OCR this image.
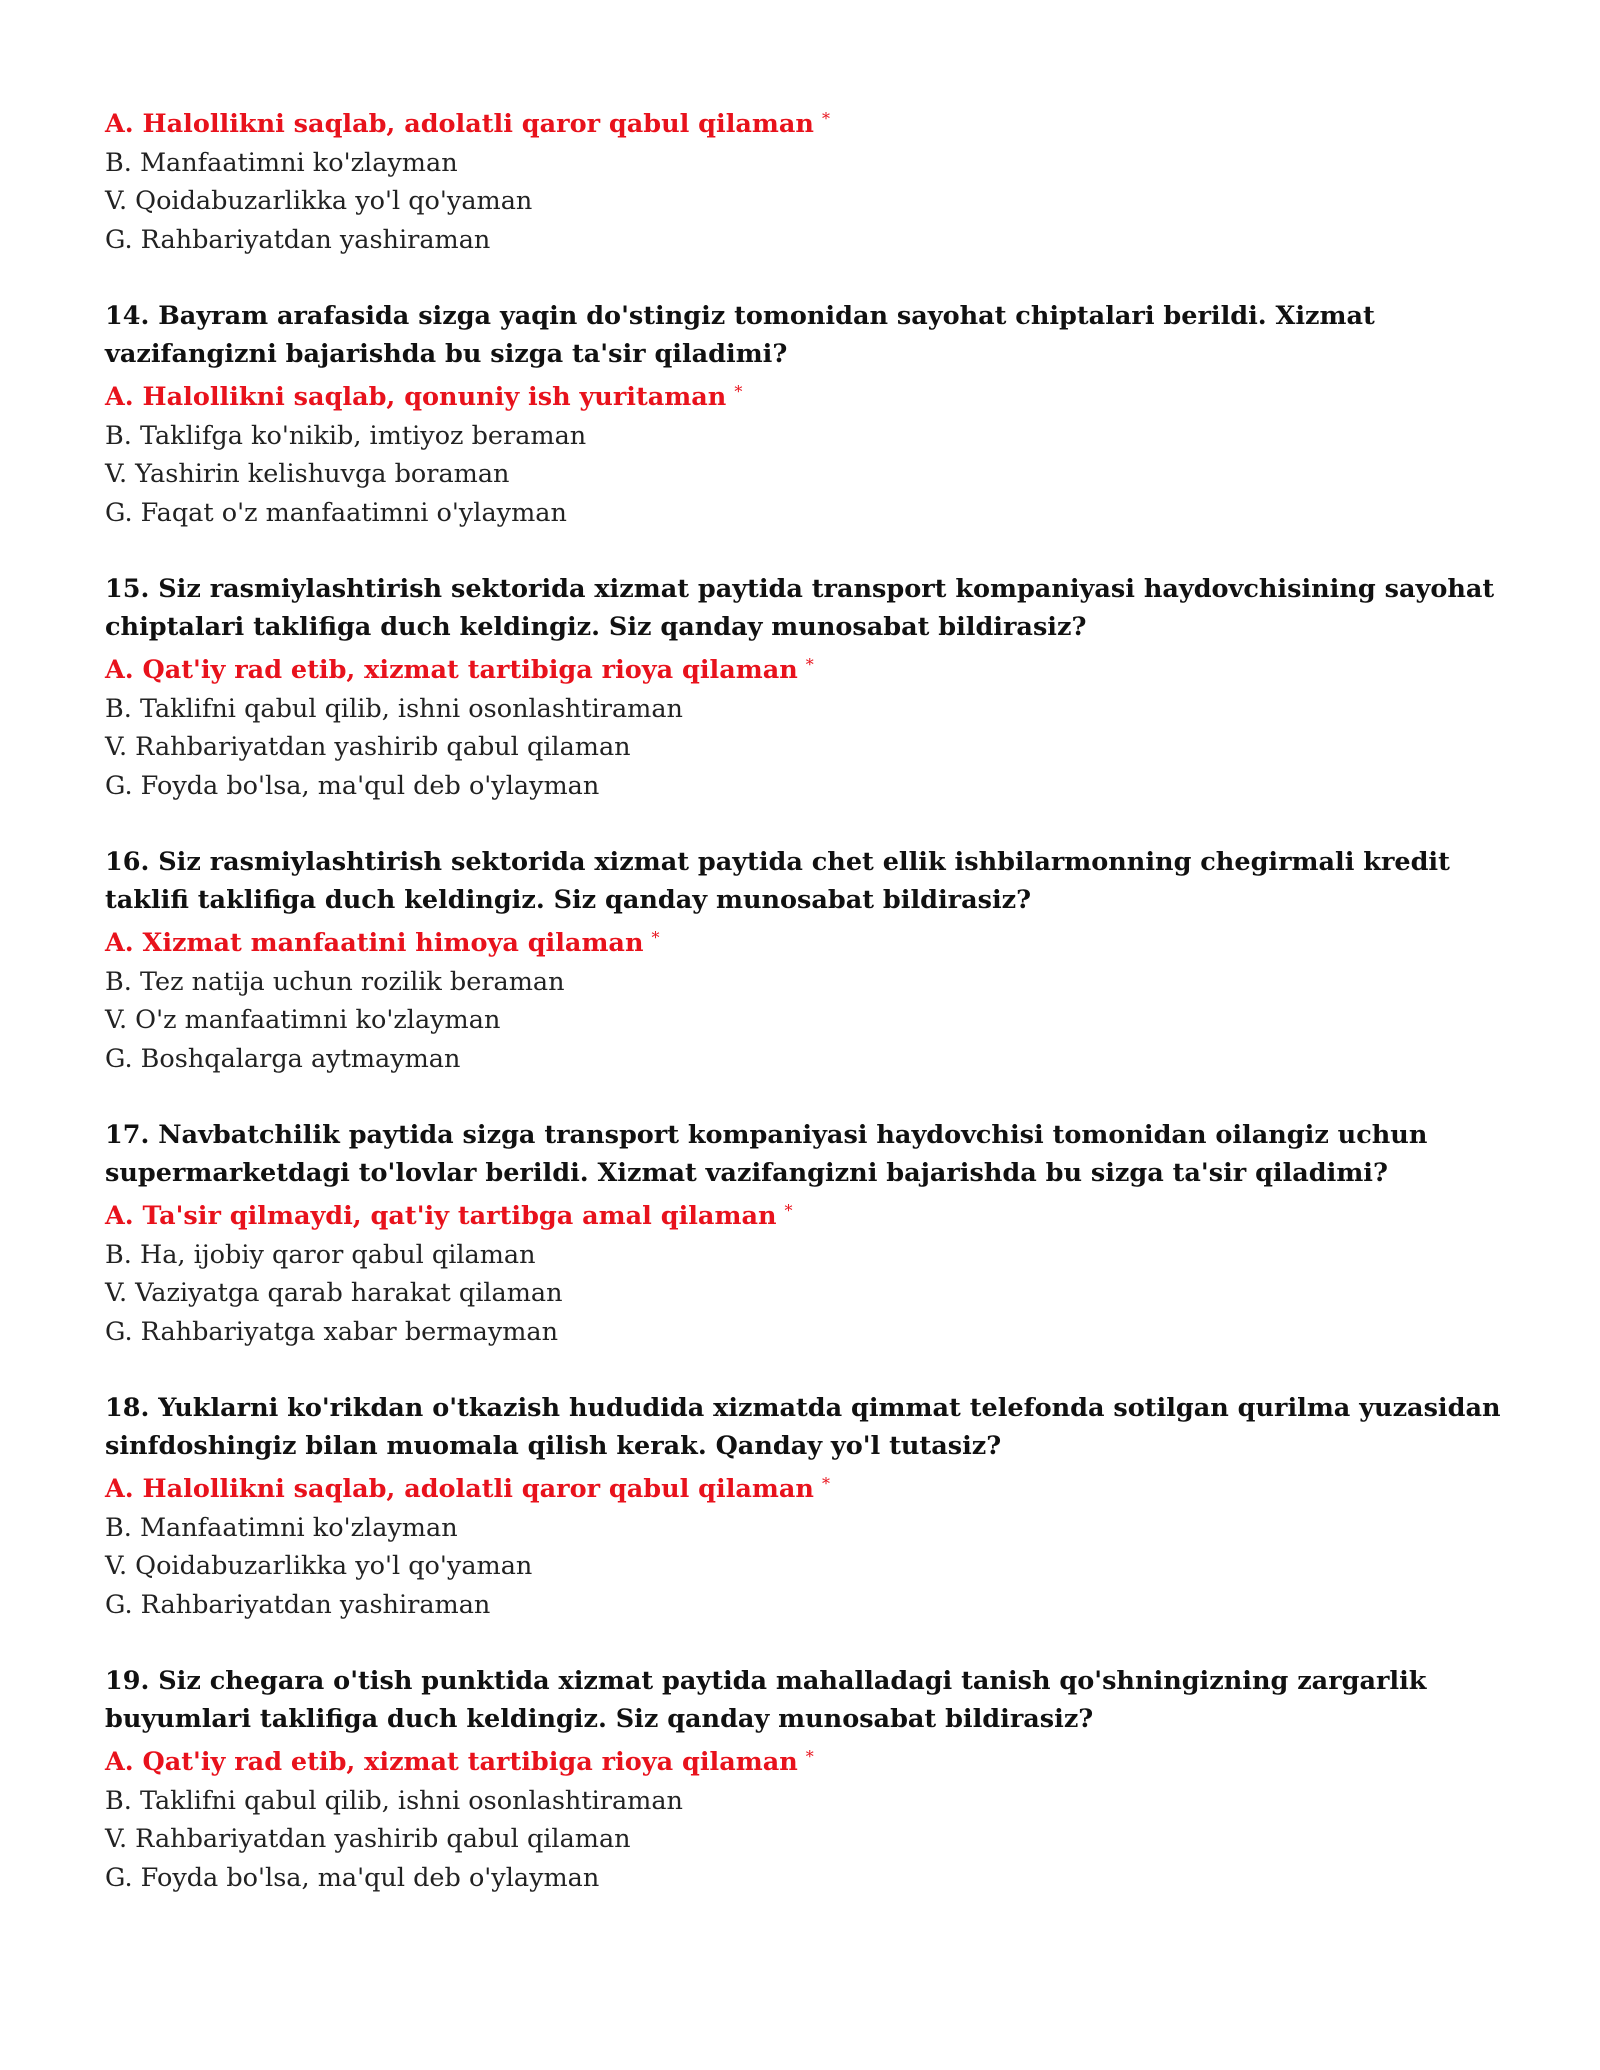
A. Halollikni saqlab, adolatli qaror qabul qilaman *

B. Manfaatimni ko'zlayman

V. Qoidabuzarlikka yo'l qo'yaman

G. Rahbariyatdan yashiraman

14. Bayram arafasida sizga yaqin do'stingiz tomonidan sayohat chiptalari berildi. Xizmat vazifangizni bajarishda bu sizga ta'sir qiladimi?

A. Halollikni saqlab, qonuniy ish yuritaman *

B. Taklifga ko'nikib, imtiyoz beraman

V. Yashirin kelishuvga boraman

G. Faqat o'z manfaatimni o'ylayman

15. Siz rasmiylashtirish sektorida xizmat paytida transport kompaniyasi haydovchisining sayohat chiptalari taklifiga duch keldingiz. Siz qanday munosabat bildirasiz?

A. Qat'iy rad etib, xizmat tartibiga rioya qilaman *

B. Taklifni qabul qilib, ishni osonlashtiraman

V. Rahbariyatdan yashirib qabul qilaman

G. Foyda bo'lsa, ma'qul deb o'ylayman

16. Siz rasmiylashtirish sektorida xizmat paytida chet ellik ishbilarmonning chegirmali kredit taklifi taklifiga duch keldingiz. Siz qanday munosabat bildirasiz?

A. Xizmat manfaatini himoya qilaman *

B. Tez natija uchun rozilik beraman

V. O'z manfaatimni ko'zlayman

G. Boshqalarga aytmayman

17. Navbatchilik paytida sizga transport kompaniyasi haydovchisi tomonidan oilangiz uchun supermarketdagi to'lovlar berildi. Xizmat vazifangizni bajarishda bu sizga ta'sir qiladimi?

A. Ta'sir qilmaydi, qat'iy tartibga amal qilaman *

B. Ha, ijobiy qaror qabul qilaman

V. Vaziyatga qarab harakat qilaman

G. Rahbariyatga xabar bermayman

18. Yuklarni ko'rikdan o'tkazish hududida xizmatda qimmat telefonda sotilgan qurilma yuzasidan sinfdoshingiz bilan muomala qilish kerak. Qanday yo'l tutasiz?

A. Halollikni saqlab, adolatli qaror qabul qilaman *

B. Manfaatimni ko'zlayman

V. Qoidabuzarlikka yo'l qo'yaman

G. Rahbariyatdan yashiraman

19. Siz chegara o'tish punktida xizmat paytida mahalladagi tanish qo'shningizning zargarlik buyumlari taklifiga duch keldingiz. Siz qanday munosabat bildirasiz?

A. Qat'iy rad etib, xizmat tartibiga rioya qilaman *

B. Taklifni qabul qilib, ishni osonlashtiraman

V. Rahbariyatdan yashirib qabul qilaman

G. Foyda bo'lsa, ma'qul deb o'ylayman
